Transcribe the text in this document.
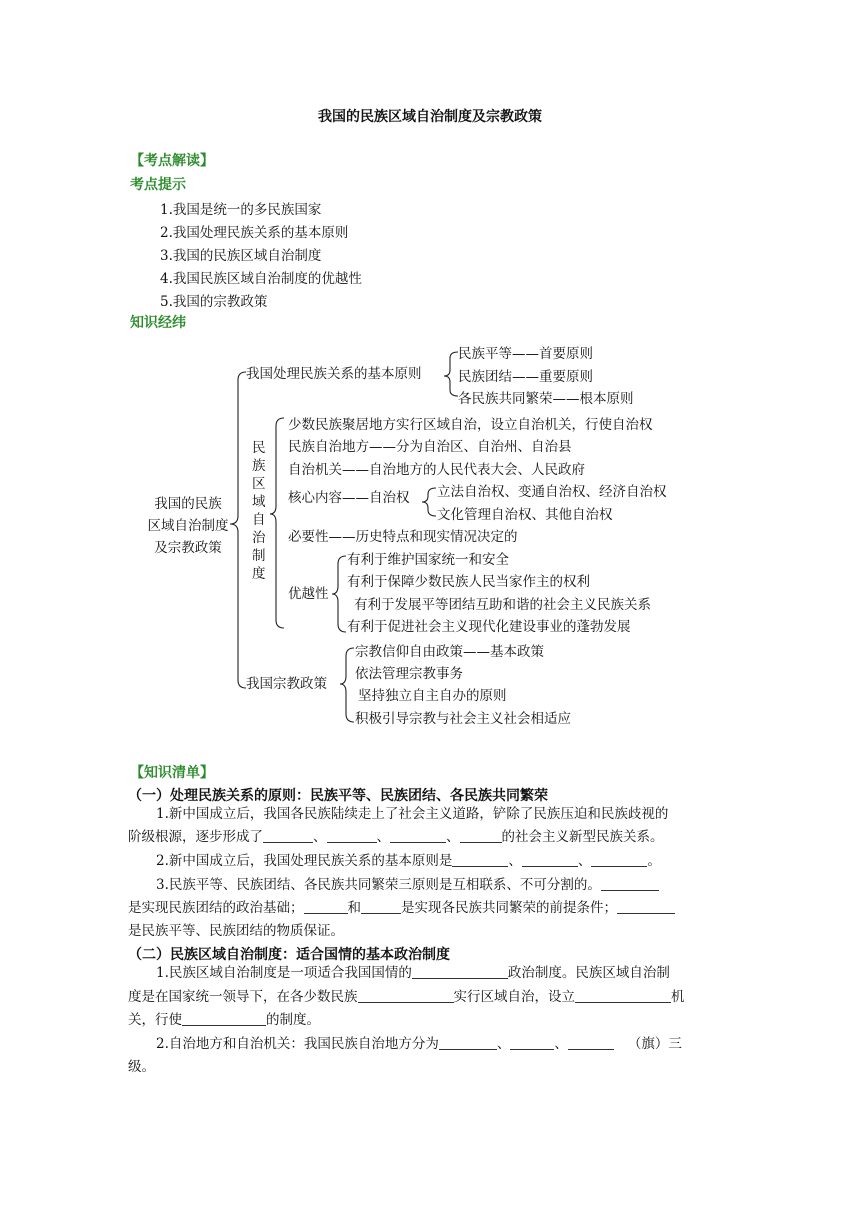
我国的民族区域自治制度及宗教政策
【考点解读】
考点提示
1.我国是统一的多民族国家
2.我国处理民族关系的基本原则
3.我国的民族区域自治制度
4.我国民族区域自治制度的优越性
5.我国的宗教政策
知识经纬
我国的民族
区域自治制度
及宗教政策
我国处理民族关系的基本原则
民族平等——首要原则
民族团结——重要原则
各民族共同繁荣——根本原则
民
族
区
域
自
治
制
度
少数民族聚居地方实行区域自治，设立自治机关，行使自治权
民族自治地方——分为自治区、自治州、自治县
自治机关——自治地方的人民代表大会、人民政府
核心内容——自治权 立法自治权、变通自治权、经济自治权
文化管理自治权、其他自治权
必要性——历史特点和现实情况决定的
优越性
有利于维护国家统一和安全
有利于保障少数民族人民当家作主的权利
有利于发展平等团结互助和谐的社会主义民族关系
有利于促进社会主义现代化建设事业的蓬勃发展
我国宗教政策
宗教信仰自由政策——基本政策
依法管理宗教事务
坚持独立自主自办的原则
积极引导宗教与社会主义社会相适应
【知识清单】
（一）处理民族关系的原则：民族平等、民族团结、各民族共同繁荣
1.新中国成立后，我国各民族陆续走上了社会主义道路，铲除了民族压迫和民族歧视的
阶级根源，逐步形成了	、	、	、	的社会主义新型民族关系。
2.新中国成立后，我国处理民族关系的基本原则是	、	、	。
3.民族平等、民族团结、各民族共同繁荣三原则是互相联系、不可分割的。
是实现民族团结的政治基础；	和	是实现各民族共同繁荣的前提条件；
是民族平等、民族团结的物质保证。
（二）民族区域自治制度：适合国情的基本政治制度
1.民族区域自治制度是一项适合我国国情的	政治制度。民族区域自治制
度是在国家统一领导下，在各少数民族	实行区域自治，设立	机
关，行使	的制度。
2.自治地方和自治机关：我国民族自治地方分为	、	、	（旗）三
级。
